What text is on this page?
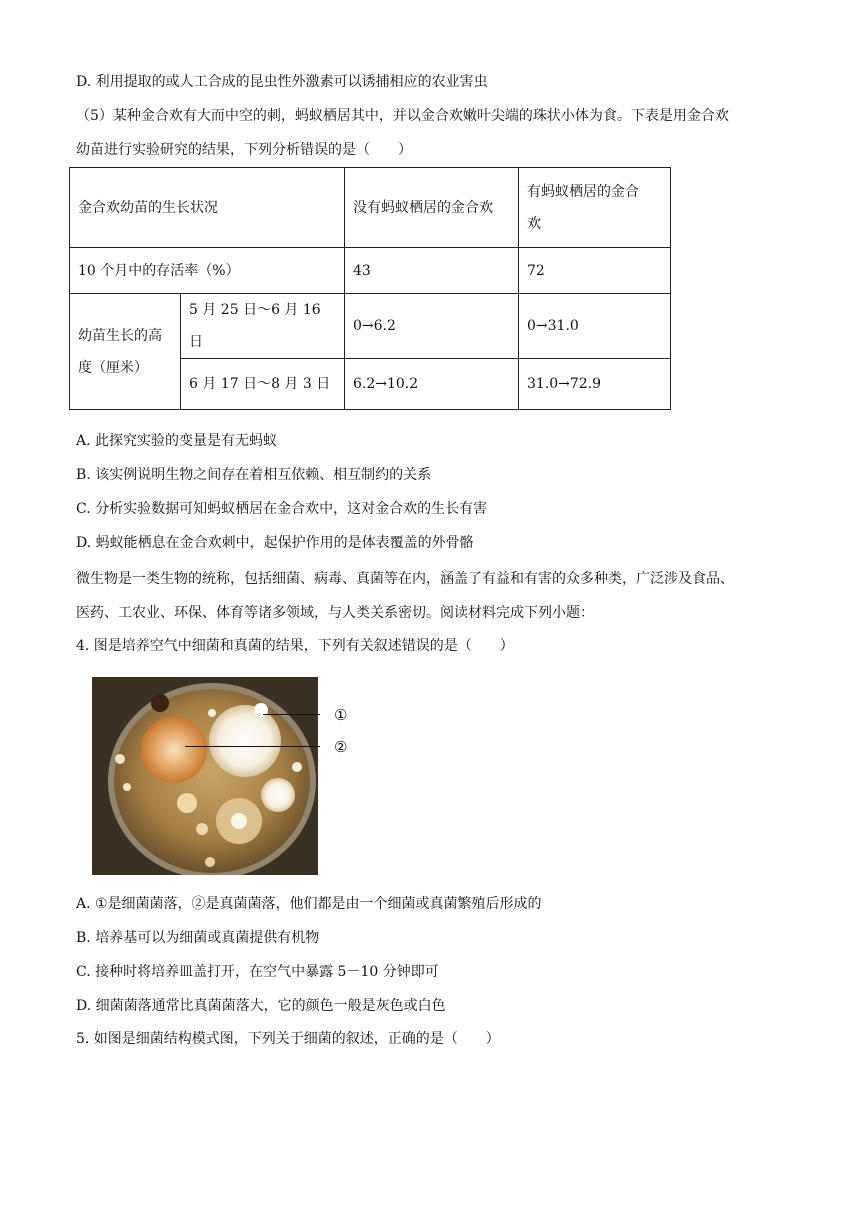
D. 利用提取的或人工合成的昆虫性外激素可以诱捕相应的农业害虫
（5）某种金合欢有大而中空的刺，蚂蚁栖居其中，并以金合欢嫩叶尖端的珠状小体为食。下表是用金合欢
幼苗进行实验研究的结果，下列分析错误的是（　　）
金合欢幼苗的生长状况		没有蚂蚁栖居的金合欢	有蚂蚁栖居的金合
欢

10 个月中的存活率（%）		43	72

幼苗生长的高
度（厘米）	5 月 25 日～6 月 16 日	0→6.2	0→31.0
	6 月 17 日～8 月 3 日	6.2→10.2	31.0→72.9
A. 此探究实验的变量是有无蚂蚁
B. 该实例说明生物之间存在着相互依赖、相互制约的关系
C. 分析实验数据可知蚂蚁栖居在金合欢中，这对金合欢的生长有害
D. 蚂蚁能栖息在金合欢刺中，起保护作用的是体表覆盖的外骨骼
微生物是一类生物的统称，包括细菌、病毒、真菌等在内，涵盖了有益和有害的众多种类，广泛涉及食品、
医药、工农业、环保、体育等诸多领域，与人类关系密切。阅读材料完成下列小题：
4. 图是培养空气中细菌和真菌的结果，下列有关叙述错误的是（　　）
①
②
A. ①是细菌菌落，②是真菌菌落，他们都是由一个细菌或真菌繁殖后形成的
B. 培养基可以为细菌或真菌提供有机物
C. 接种时将培养皿盖打开，在空气中暴露 5－10 分钟即可
D. 细菌菌落通常比真菌菌落大，它的颜色一般是灰色或白色
5. 如图是细菌结构模式图，下列关于细菌的叙述，正确的是（　　）
